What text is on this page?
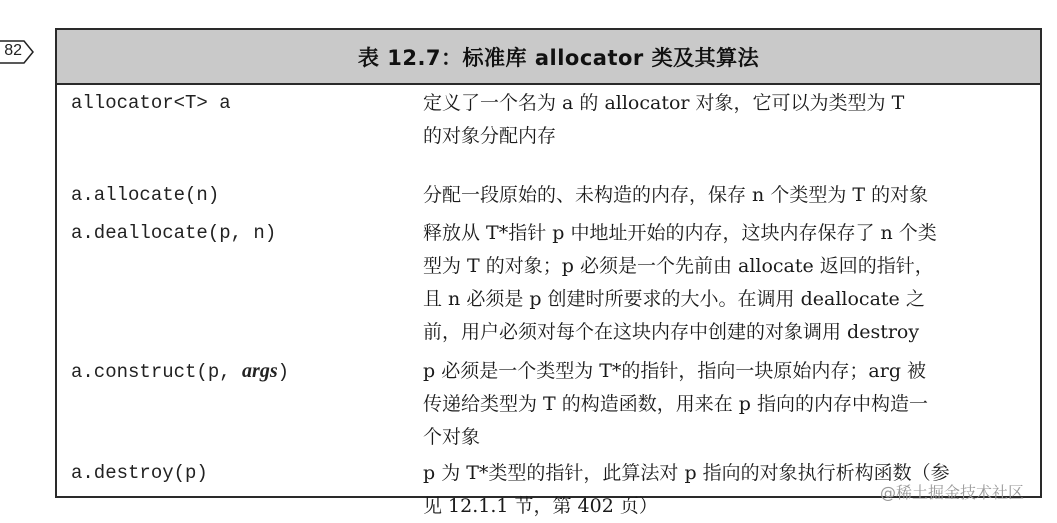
82	表 12.7：标准库 allocator 类及其算法
allocator<T> a	定义了一个名为 a 的 allocator 对象，它可以为类型为 T
的对象分配内存
a.allocate(n)	分配一段原始的、未构造的内存，保存 n 个类型为 T 的对象
a.deallocate(p, n)	释放从 T*指针 p 中地址开始的内存，这块内存保存了 n 个类
型为 T 的对象；p 必须是一个先前由 allocate 返回的指针，
且 n 必须是 p 创建时所要求的大小。在调用 deallocate 之
前，用户必须对每个在这块内存中创建的对象调用 destroy
a.construct(p, args)	p 必须是一个类型为 T*的指针，指向一块原始内存；arg 被
传递给类型为 T 的构造函数，用来在 p 指向的内存中构造一
个对象
a.destroy(p)	p 为 T*类型的指针，此算法对 p 指向的对象执行析构函数（参
见 12.1.1 节，第 402 页）
@稀土掘金技术社区
